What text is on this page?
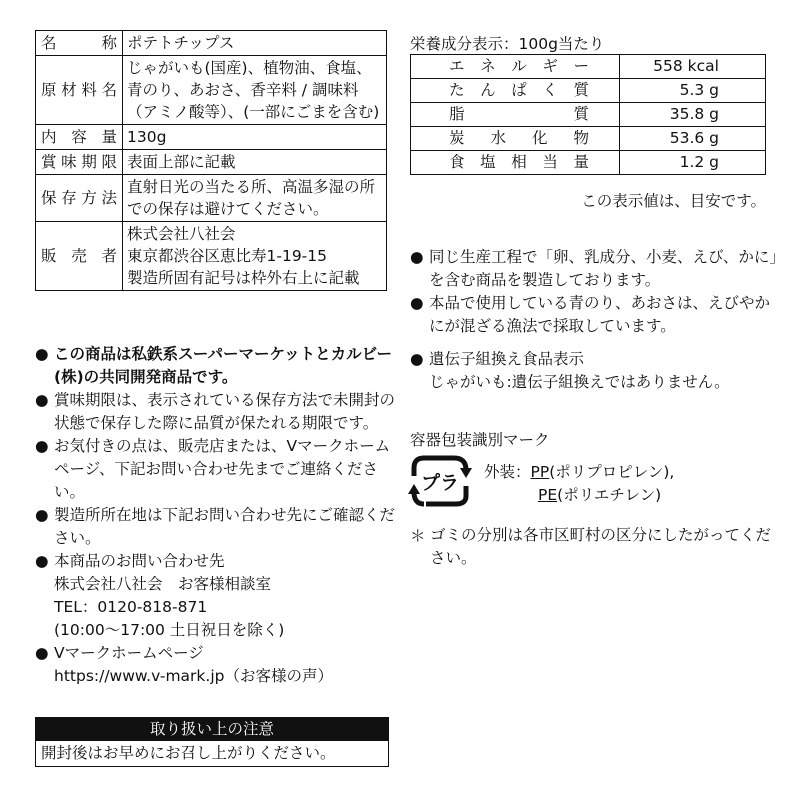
名　　称	ポテトチップス
原材料名	じゃがいも(国産)、植物油、食塩、青のり、あおさ、香辛料 / 調味料（アミノ酸等）、(一部にごまを含む)
内 容 量	130g
賞味期限	表面上部に記載
保存方法	直射日光の当たる所、高温多湿の所での保存は避けてください。
販 売 者	株式会社八社会
東京都渋谷区恵比寿1-19-15
製造所固有記号は枠外右上に記載
● この商品は私鉄系スーパーマーケットとカルビー(株)の共同開発商品です。
● 賞味期限は、表示されている保存方法で未開封の状態で保存した際に品質が保たれる期限です。
● お気付きの点は、販売店または、Vマークホームページ、下記お問い合わせ先までご連絡ください。
● 製造所所在地は下記お問い合わせ先にご確認ください。
● 本商品のお問い合わせ先
株式会社八社会　お客様相談室
TEL：0120-818-871
(10:00～17:00 土日祝日を除く)
● Vマークホームページ
https://www.v-mark.jp（お客様の声）
取り扱い上の注意
開封後はお早めにお召し上がりください。
栄養成分表示：100g当たり
エネルギー	558 kcal
たんぱく質	5.3 g
脂質	35.8 g
炭水化物	53.6 g
食塩相当量	1.2 g
この表示値は、目安です。
● 同じ生産工程で「卵、乳成分、小麦、えび、かに」を含む商品を製造しております。
● 本品で使用している青のり、あおさは、えびやかにが混ざる漁法で採取しています。
● 遺伝子組換え食品表示
じゃがいも:遺伝子組換えではありません。
容器包装識別マーク
プラ 外装：PP(ポリプロピレン),
PE(ポリエチレン)
＊ ゴミの分別は各市区町村の区分にしたがってください。
